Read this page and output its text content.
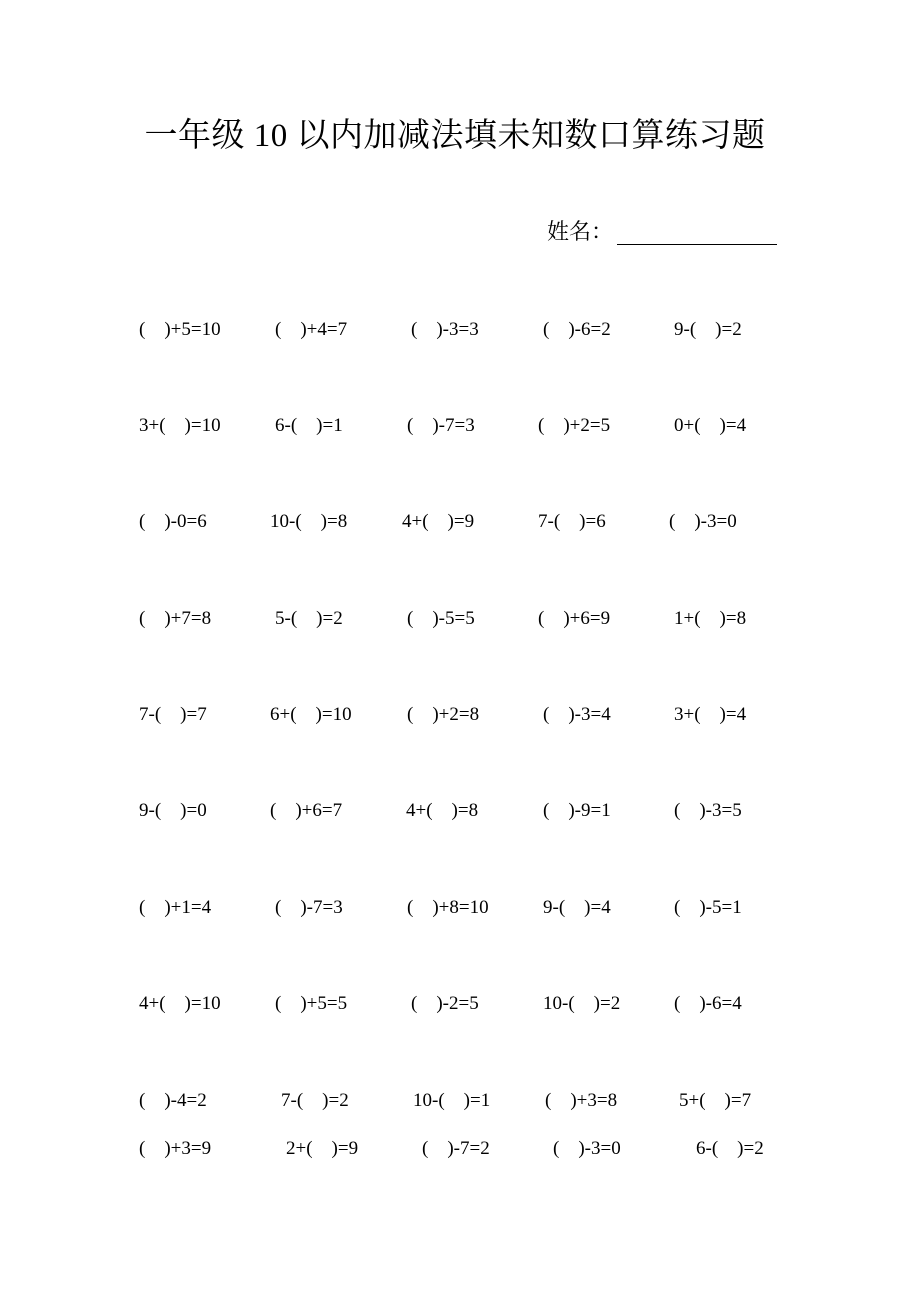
一年级 10 以内加减法填未知数口算练习题
姓名：
(    )+5=10	(    )+4=7	(    )-3=3	(    )-6=2	9-(    )=2
3+(    )=10	6-(    )=1	(    )-7=3	(    )+2=5	0+(    )=4
(    )-0=6	10-(    )=8	4+(    )=9	7-(    )=6	(    )-3=0
(    )+7=8	5-(    )=2	(    )-5=5	(    )+6=9	1+(    )=8
7-(    )=7	6+(    )=10	(    )+2=8	(    )-3=4	3+(    )=4
9-(    )=0	(    )+6=7	4+(    )=8	(    )-9=1	(    )-3=5
(    )+1=4	(    )-7=3	(    )+8=10	9-(    )=4	(    )-5=1
4+(    )=10	(    )+5=5	(    )-2=5	10-(    )=2	(    )-6=4
(    )-4=2	7-(    )=2	10-(    )=1	(    )+3=8	5+(    )=7
(    )+3=9	2+(    )=9	(    )-7=2	(    )-3=0	6-(    )=2
